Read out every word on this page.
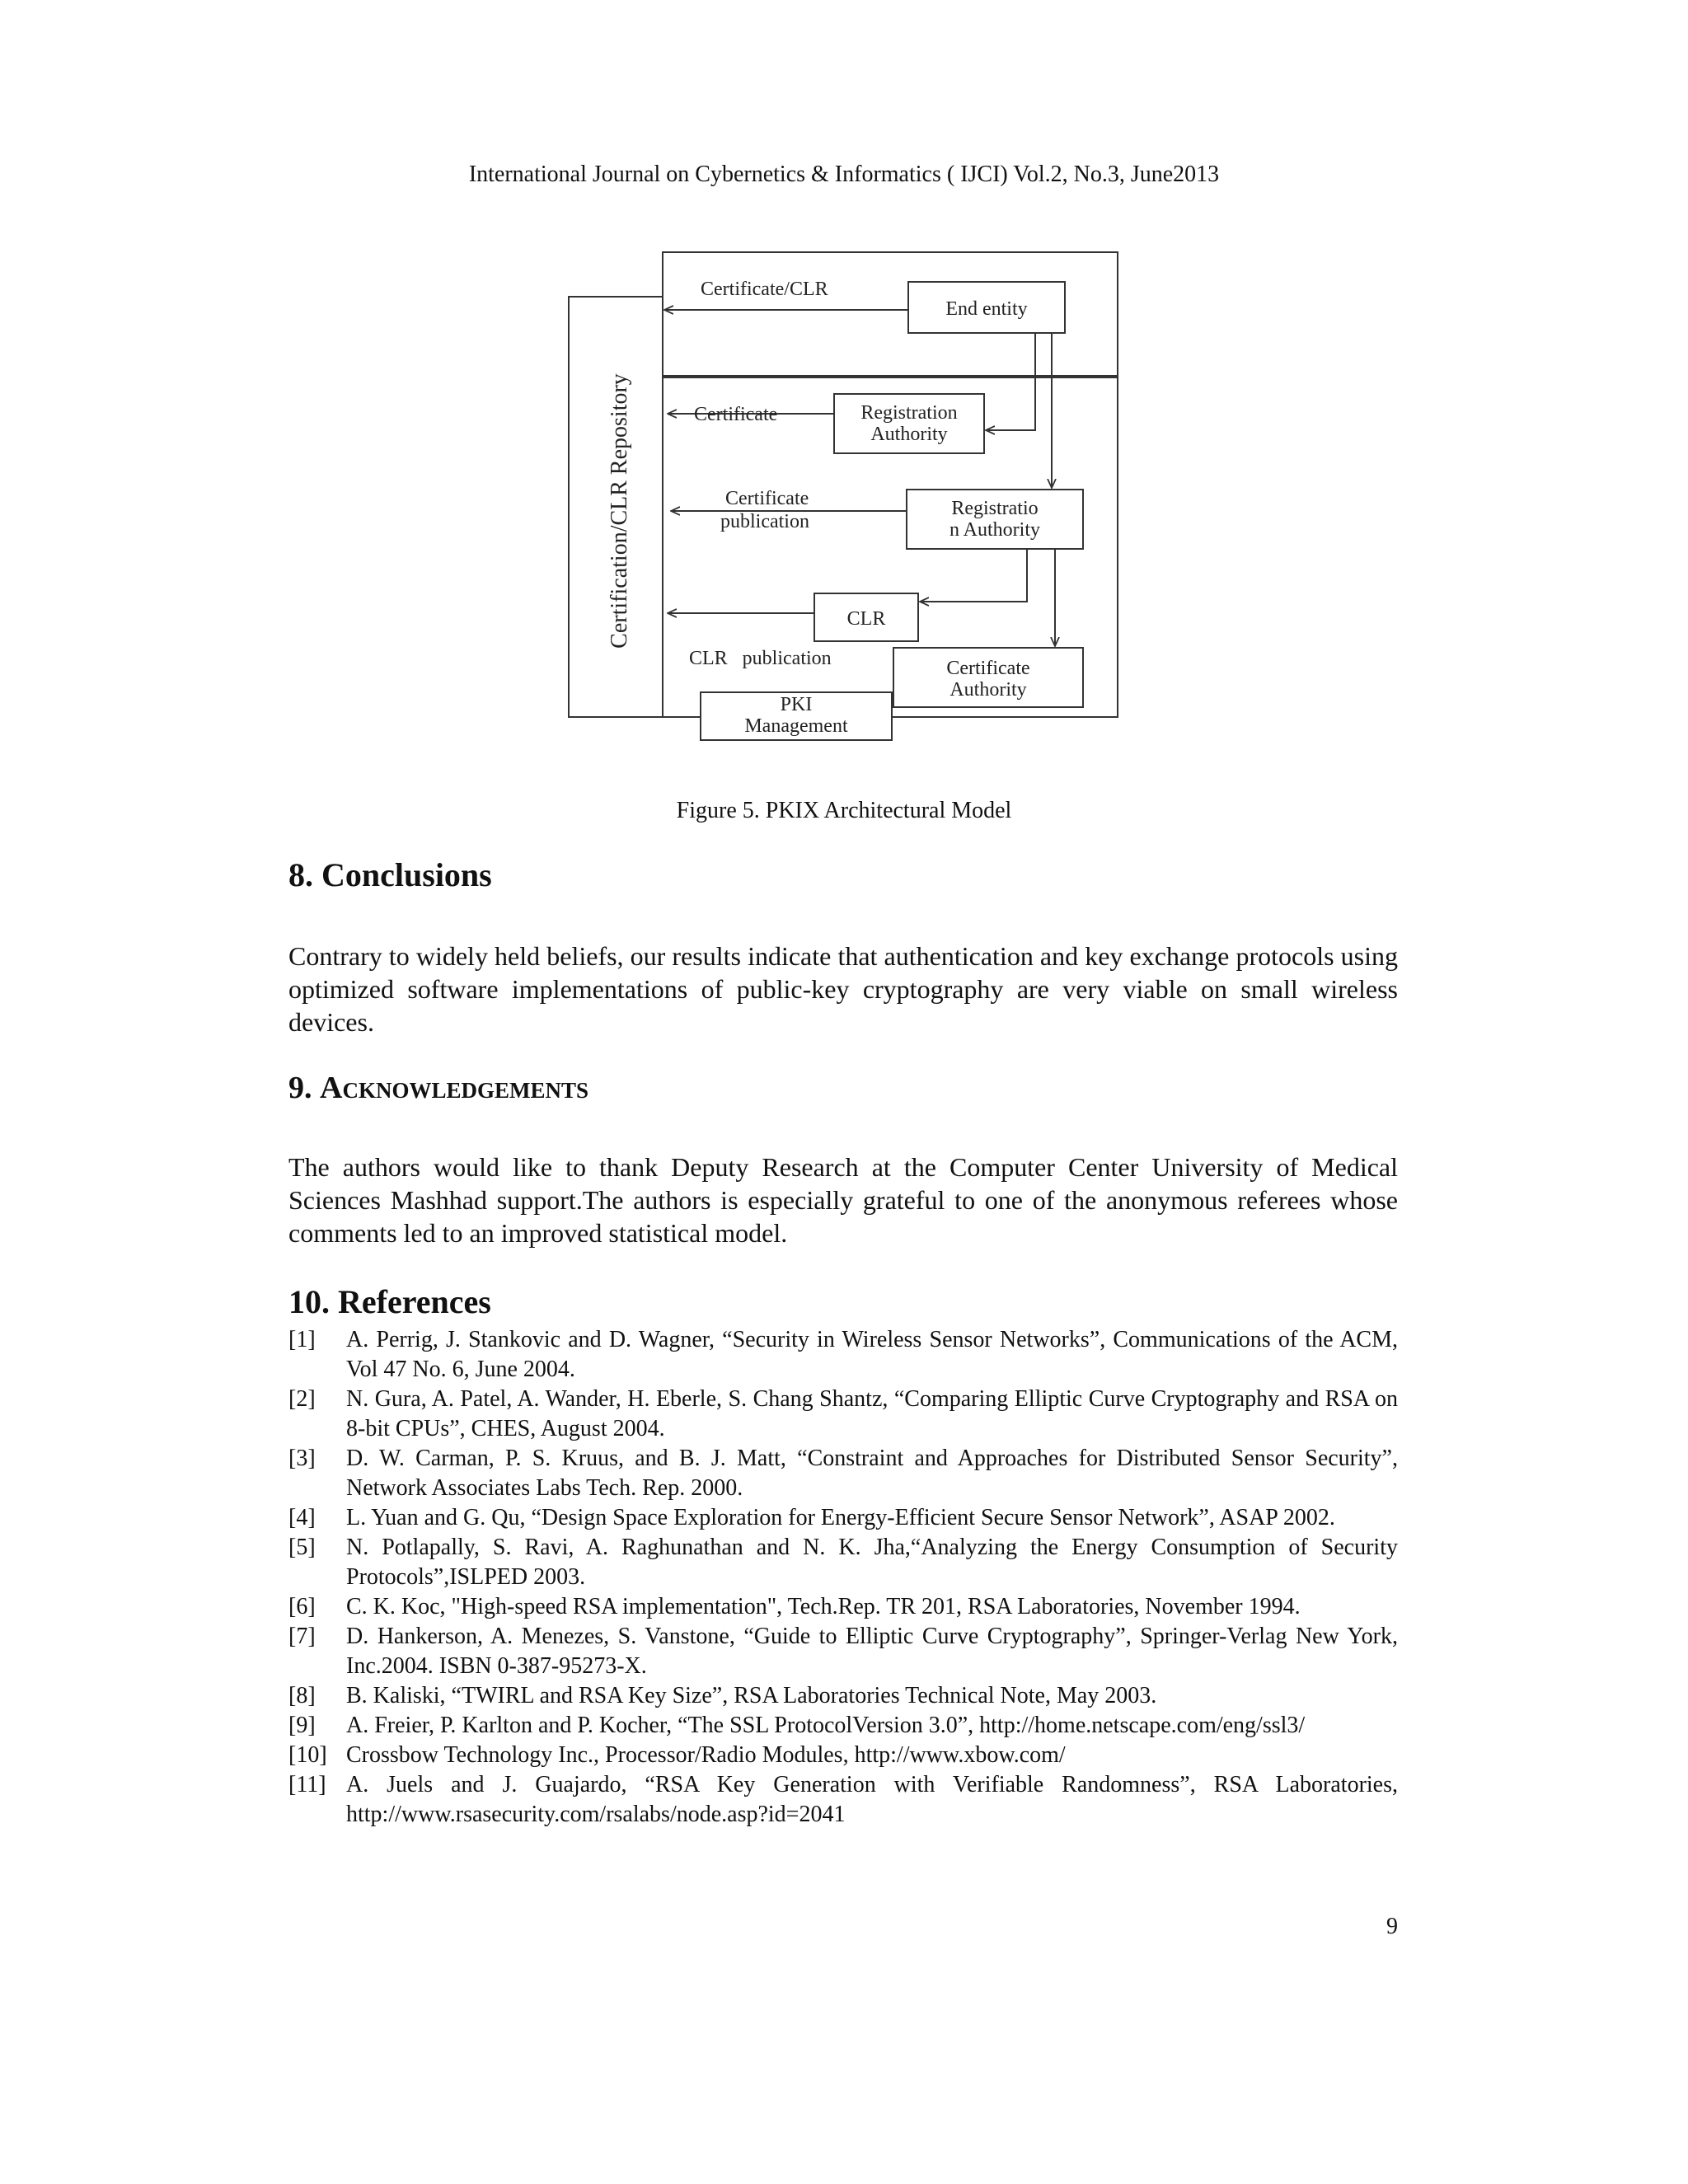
International Journal on Cybernetics & Informatics ( IJCI) Vol.2, No.3, June2013
Certification/CLR Repository
Certificate/CLR
End entity
Certificate	Registration
Authority
Certificate
publication
Registratio
n Authority
CLR
CLR   publication	Certificate
Authority
PKI
Management
Figure 5. PKIX Architectural Model
8. Conclusions
Contrary to widely held beliefs, our results indicate that authentication and key exchange protocols using optimized software implementations of public-key cryptography are very viable on small wireless devices.
9. Acknowledgements
The authors would like to thank Deputy Research at the Computer Center University of Medical Sciences Mashhad support.The authors is especially grateful to one of the anonymous referees whose comments led to an improved statistical model.
10. References
[1] A. Perrig, J. Stankovic and D. Wagner, “Security in Wireless Sensor Networks”, Communications of the ACM, Vol 47 No. 6, June 2004.
[2] N. Gura, A. Patel, A. Wander, H. Eberle, S. Chang Shantz, “Comparing Elliptic Curve Cryptography and RSA on 8-bit CPUs”, CHES, August 2004.
[3] D. W. Carman, P. S. Kruus, and B. J. Matt, “Constraint and Approaches for Distributed Sensor Security”, Network Associates Labs Tech. Rep. 2000.
[4] L. Yuan and G. Qu, “Design Space Exploration for Energy-Efficient Secure Sensor Network”, ASAP 2002.
[5] N. Potlapally, S. Ravi, A. Raghunathan and N. K. Jha,“Analyzing the Energy Consumption of Security Protocols”,ISLPED 2003.
[6] C. K. Koc, "High-speed RSA implementation", Tech.Rep. TR 201, RSA Laboratories, November 1994.
[7] D. Hankerson, A. Menezes, S. Vanstone, “Guide to Elliptic Curve Cryptography”, Springer-Verlag New York, Inc.2004. ISBN 0-387-95273-X.
[8] B. Kaliski, “TWIRL and RSA Key Size”, RSA Laboratories Technical Note, May 2003.
[9] A. Freier, P. Karlton and P. Kocher, “The SSL ProtocolVersion 3.0”, http://home.netscape.com/eng/ssl3/
[10] Crossbow Technology Inc., Processor/Radio Modules, http://www.xbow.com/
[11] A. Juels and J. Guajardo, “RSA Key Generation with Verifiable Randomness”, RSA Laboratories, http://www.rsasecurity.com/rsalabs/node.asp?id=2041
9
